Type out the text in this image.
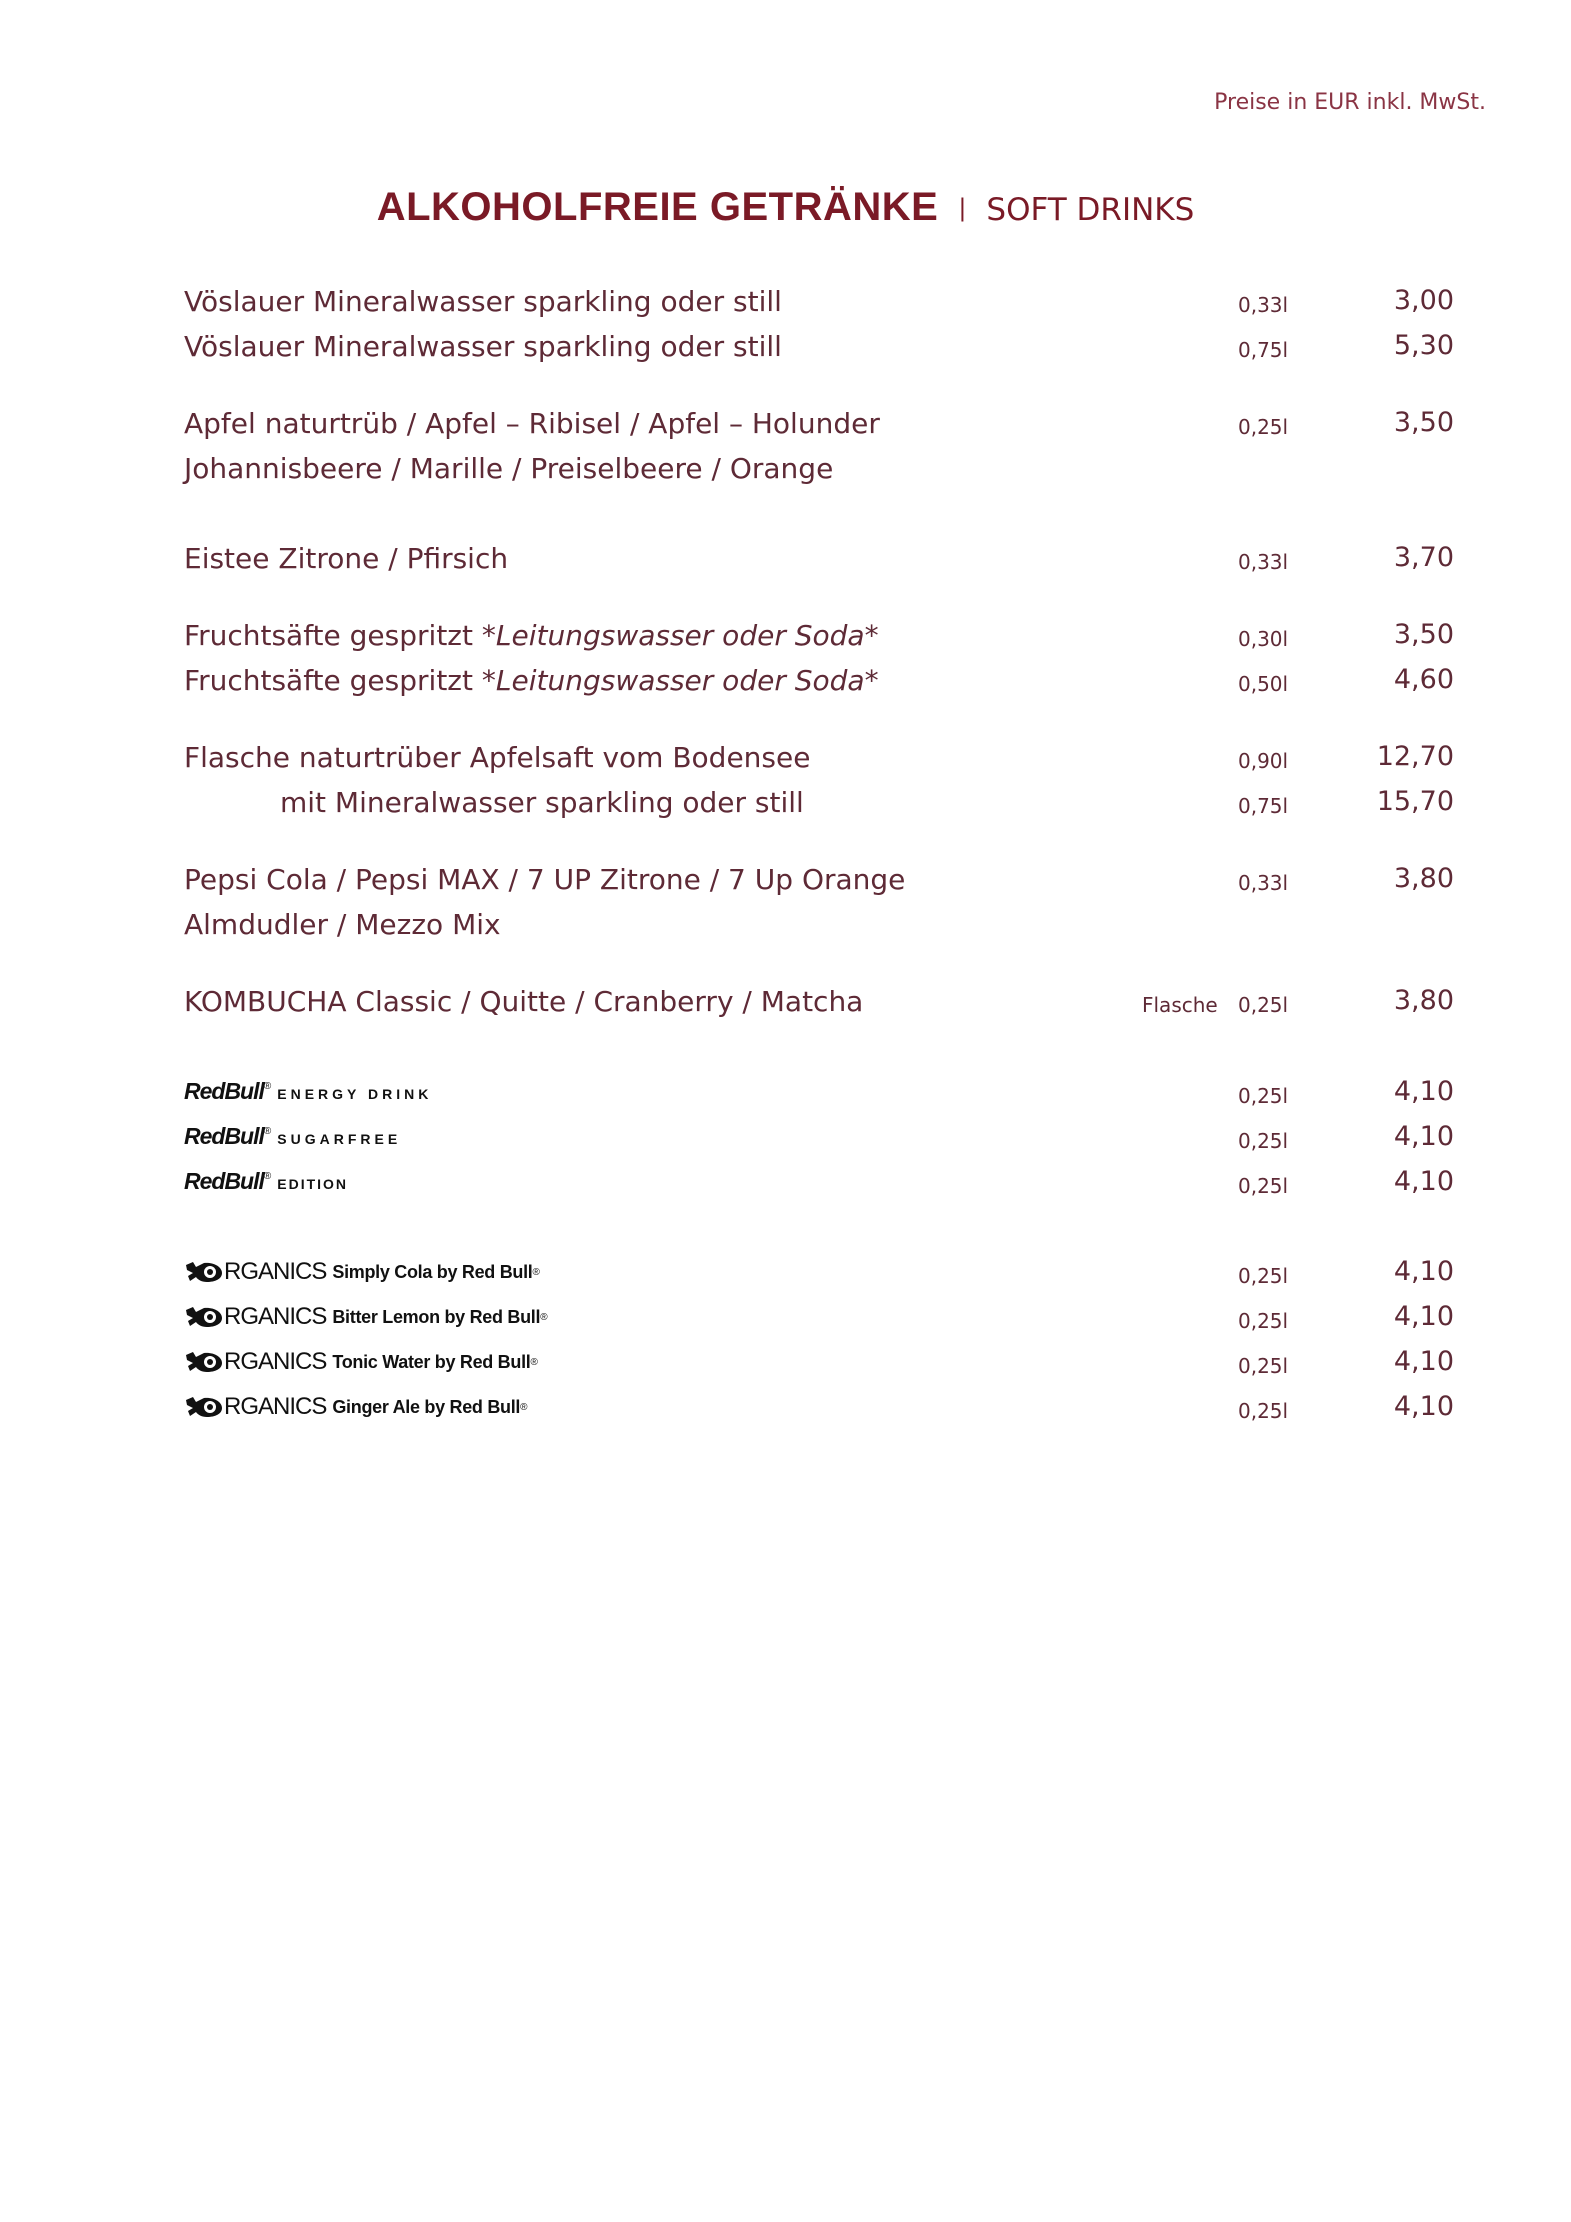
Preise in EUR inkl. MwSt.
ALKOHOLFREIE GETRÄNKE | SOFT DRINKS
Vöslauer Mineralwasser sparkling oder still	0,33l	3,00
Vöslauer Mineralwasser sparkling oder still	0,75l	5,30
Apfel naturtrüb / Apfel – Ribisel / Apfel – Holunder	0,25l	3,50
Johannisbeere / Marille / Preiselbeere / Orange
Eistee Zitrone / Pfirsich	0,33l	3,70
Fruchtsäfte gespritzt *Leitungswasser oder Soda*	0,30l	3,50
Fruchtsäfte gespritzt *Leitungswasser oder Soda*	0,50l	4,60
Flasche naturtrüber Apfelsaft vom Bodensee	0,90l	12,70
mit Mineralwasser sparkling oder still	0,75l	15,70
Pepsi Cola / Pepsi MAX / 7 UP Zitrone / 7 Up Orange	0,33l	3,80
Almdudler / Mezzo Mix
KOMBUCHA Classic / Quitte / Cranberry / Matcha	Flasche 0,25l	3,80
RedBull® ENERGY DRINK	0,25l	4,10
RedBull® SUGARFREE	0,25l	4,10
RedBull® EDITION	0,25l	4,10
RGANICS Simply Cola by Red Bull ®	0,25l	4,10
RGANICS Bitter Lemon by Red Bull ®	0,25l	4,10
RGANICS Tonic Water by Red Bull ®	0,25l	4,10
RGANICS Ginger Ale by Red Bull ®	0,25l	4,10
